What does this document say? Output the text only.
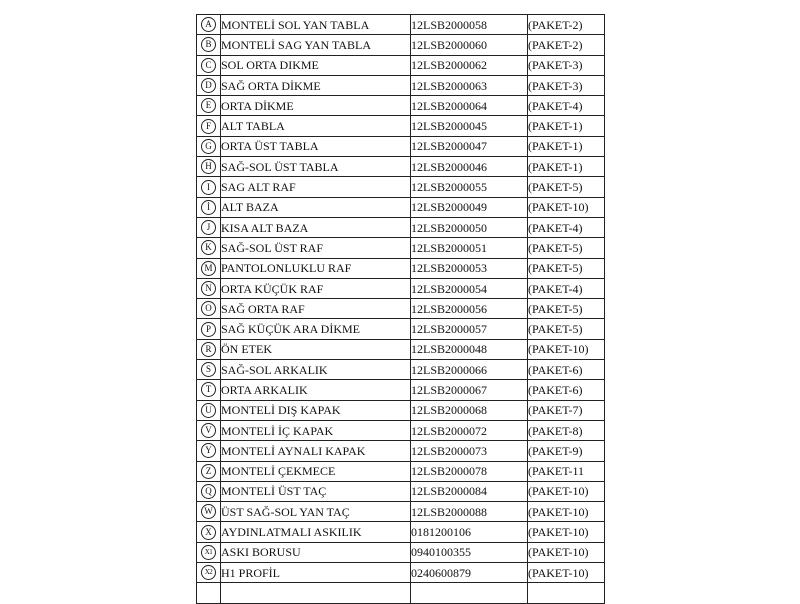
A	MONTELİ SOL YAN TABLA	12LSB2000058	(PAKET-2)
B	MONTELİ SAG YAN TABLA	12LSB2000060	(PAKET-2)
C	SOL ORTA DIKME	12LSB2000062	(PAKET-3)
D	SAĞ ORTA DİKME	12LSB2000063	(PAKET-3)
E	ORTA DİKME	12LSB2000064	(PAKET-4)
F	ALT TABLA	12LSB2000045	(PAKET-1)
G	ORTA ÜST TABLA	12LSB2000047	(PAKET-1)
H	SAĞ-SOL ÜST TABLA	12LSB2000046	(PAKET-1)
I	SAG ALT RAF	12LSB2000055	(PAKET-5)
İ	ALT BAZA	12LSB2000049	(PAKET-10)
J	KISA ALT BAZA	12LSB2000050	(PAKET-4)
K	SAĞ-SOL ÜST RAF	12LSB2000051	(PAKET-5)
M	PANTOLONLUKLU RAF	12LSB2000053	(PAKET-5)
N	ORTA KÜÇÜK RAF	12LSB2000054	(PAKET-4)
O	SAĞ ORTA RAF	12LSB2000056	(PAKET-5)
P	SAĞ KÜÇÜK ARA DİKME	12LSB2000057	(PAKET-5)
R	ÖN ETEK	12LSB2000048	(PAKET-10)
S	SAĞ-SOL ARKALIK	12LSB2000066	(PAKET-6)
T	ORTA ARKALIK	12LSB2000067	(PAKET-6)
U	MONTELİ DIŞ KAPAK	12LSB2000068	(PAKET-7)
V	MONTELİ İÇ KAPAK	12LSB2000072	(PAKET-8)
Y	MONTELİ AYNALI KAPAK	12LSB2000073	(PAKET-9)
Z	MONTELİ ÇEKMECE	12LSB2000078	(PAKET-11
Q	MONTELİ ÜST TAÇ	12LSB2000084	(PAKET-10)
W	ÜST SAĞ-SOL YAN TAÇ	12LSB2000088	(PAKET-10)
X	AYDINLATMALI ASKILIK	0181200106	(PAKET-10)
X1	ASKI BORUSU	0940100355	(PAKET-10)
X2	H1 PROFİL	0240600879	(PAKET-10)
